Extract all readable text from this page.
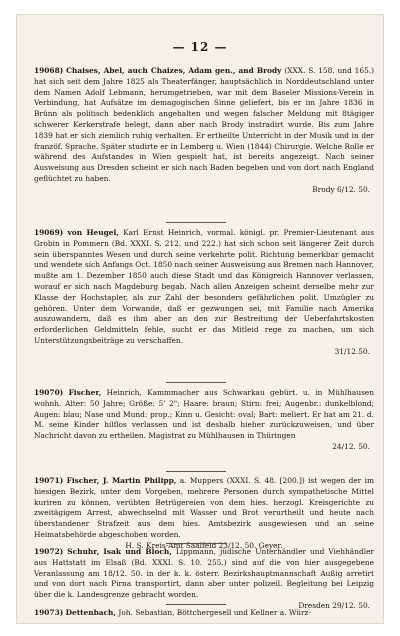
— 12 —
19068) Chaises, Abel, auch Chaizes, Adam gen., and Brody (XXX. S. 158. und 165.) hat sich seit dem Jahre 1825 als Theaterfänger, hauptsächlich in Norddeutschland unter dem Namen Adolf Lebmann, herumgetrieben, war mit dem Baseler Missions-Verein in Verbindung, hat Aufsätze im demagogischen Sinne geliefert, bis er im Jahre 1836 in Brünn als politisch bedenklich angehalten und wegen falscher Meldung mit 8tägiger schwerer Kerkerstrafe belegt, dann aber nach Brody instradirt wurde. Bis zum Jahre 1839 hat er sich ziemlich ruhig verhalten. Er ertheilte Unterricht in der Musik und in der franzöf. Sprache. Später studirte er in Lemberg u. Wien (1844) Chirurgie. Welche Rolle er während des Aufstandes in Wien gespielt hat, ist bereits angezeigt. Nach seiner Ausweisung aus Dresden scheint er sich nach Baden begeben und von dort nach England geflüchtet zu haben.
Brody 6/12. 50.
19069) von Heugel, Karl Ernst Heinrich, vormal. königl. pr. Premier-Lieutenant aus Grobin in Pommern (Bd. XXXI. S. 212. und 222.) hat sich schon seit längerer Zeit durch sein überspanntes Wesen und durch seine verkehrte polit. Richtung bemerkbar gemacht und wendete sich Anfangs Oct. 1850 nach seiner Ausweisung aus Bremen nach Hannover, mußte am 1. Dezember 1850 auch diese Stadt und das Königreich Hannover verlassen, worauf er sich nach Magdeburg begab. Nach allen Anzeigen scheint derselbe mehr zur Klasse der Hochstapler, als zur Zahl der besonders gefährlichen polit. Umzügler zu gehören. Unter dem Vorwande, daß er gezwungen sei, mit Familie nach Amerika auszuwandern, daß es ihm aber an den zur Bestreitung der Ueberfahrtskosten erforderlichen Geldmitteln fehle, sucht er das Mitleid rege zu machen, um sich Unterstützungsbeiträge zu verschaffen.
31/12.50.
19070) Fischer, Heinrich, Kammmacher aus Schwarkau gebürt. u. in Mühlhausen wohnh. Alter: 50 Jahre; Größe: 5' 2"; Haare: braun; Stirn: frei; Augenbr.: dunkelblond; Augen: blau; Nase und Mund: prop.; Kinn u. Gesicht: oval; Bart: meliert. Er hat am 21. d. M. seine Kinder hilflos verlassen und ist deshalb hieher zurückzuweisen, und über Nachricht davon zu ertheilen. Magistrat zu Mühlhausen in Thüringen
24/12. 50.
19071) Fischer, J. Martin Philipp, a. Muppers (XXXI. S. 48. [200.]) ist wegen der im hiesigen Bezirk, unter dem Vorgeben, mehrere Personen durch sympathetische Mittel kuriren zu können, verübten Betrügereien von dem hies. herzogl. Kreisgerichte zu zweitägigem Arrest, abwechselnd mit Wasser und Brot verurtheilt und heute nach überstandener Strafzeit aus dem hies. Amtsbezirk ausgewiesen und an seine Heimatsbehörde abgeschoben worden.
H. S. Kreis-Amt Saalfeld 23/12. 50. Geyer.
19072) Schuhr, Isak und Bloch, Lippmann, jüdische Unterhändler und Viehhändler aus Hattstatt im Elsaß (Bd. XXXI. S. 10. 255.) sind auf die von hier ausgegebene Veranlassung am 18/12. 50. in der k. k. österr. Bezirkshauptmannschaft Außig arretirt und von dort nach Pirna transportirt, dann aber unter polizeil. Begleitung bei Leipzig über die k. Landesgrenze gebracht worden.
Dresden 29/12. 50.
19073) Dettenbach, Joh. Sebastian, Böttchergesell und Kellner a. Würz-
